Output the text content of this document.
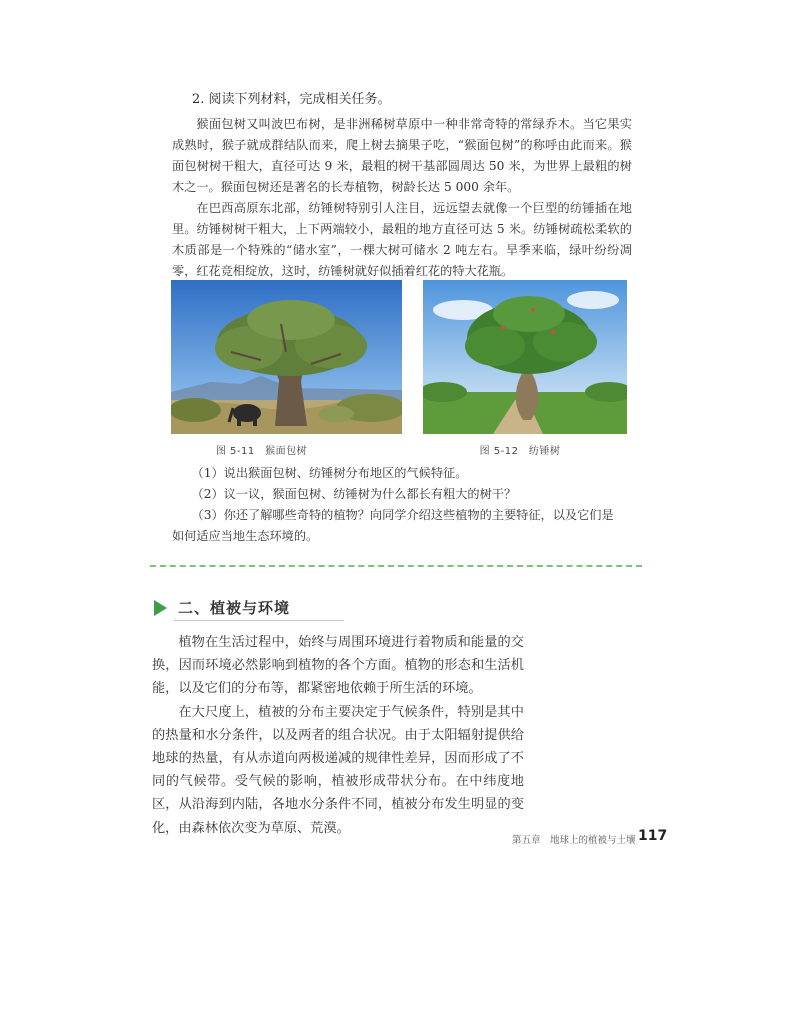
2. 阅读下列材料，完成相关任务。

猴面包树又叫波巴布树，是非洲稀树草原中一种非常奇特的常绿乔木。当它果实成熟时，猴子就成群结队而来，爬上树去摘果子吃，“猴面包树”的称呼由此而来。猴面包树树干粗大，直径可达 9 米，最粗的树干基部圆周达 50 米，为世界上最粗的树木之一。猴面包树还是著名的长寿植物，树龄长达 5 000 余年。

在巴西高原东北部，纺锤树特别引人注目，远远望去就像一个巨型的纺锤插在地里。纺锤树树干粗大，上下两端较小，最粗的地方直径可达 5 米。纺锤树疏松柔软的木质部是一个特殊的“储水室”，一棵大树可储水 2 吨左右。旱季来临，绿叶纷纷凋零，红花竞相绽放，这时，纺锤树就好似插着红花的特大花瓶。

图 5-11　猴面包树	图 5-12　纺锤树

（1）说出猴面包树、纺锤树分布地区的气候特征。

（2）议一议，猴面包树、纺锤树为什么都长有粗大的树干？

（3）你还了解哪些奇特的植物？向同学介绍这些植物的主要特征，以及它们是

如何适应当地生态环境的。

二、植被与环境

植物在生活过程中，始终与周围环境进行着物质和能量的交换，因而环境必然影响到植物的各个方面。植物的形态和生活机能，以及它们的分布等，都紧密地依赖于所生活的环境。

在大尺度上，植被的分布主要决定于气候条件，特别是其中的热量和水分条件，以及两者的组合状况。由于太阳辐射提供给地球的热量，有从赤道向两极递减的规律性差异，因而形成了不同的气候带。受气候的影响，植被形成带状分布。在中纬度地区，从沿海到内陆，各地水分条件不同，植被分布发生明显的变化，由森林依次变为草原、荒漠。

第五章　地球上的植被与土壤 117
